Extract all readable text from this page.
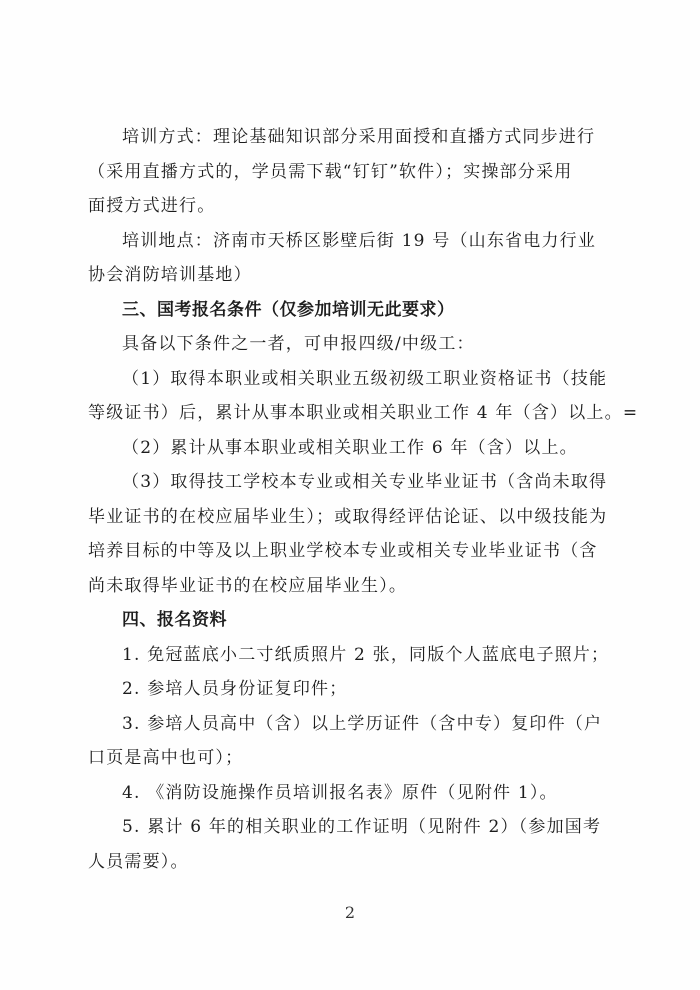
培训方式：理论基础知识部分采用面授和直播方式同步进行
（采用直播方式的，学员需下载“钉钉”软件）；实操部分采用
面授方式进行。
培训地点：济南市天桥区影壁后街 19 号（山东省电力行业
协会消防培训基地）
三、国考报名条件（仅参加培训无此要求）
具备以下条件之一者，可申报四级/中级工：
（1）取得本职业或相关职业五级初级工职业资格证书（技能
等级证书）后，累计从事本职业或相关职业工作 4 年（含）以上。=
（2）累计从事本职业或相关职业工作 6 年（含）以上。
（3）取得技工学校本专业或相关专业毕业证书（含尚未取得
毕业证书的在校应届毕业生）；或取得经评估论证、以中级技能为
培养目标的中等及以上职业学校本专业或相关专业毕业证书（含
尚未取得毕业证书的在校应届毕业生）。
四、报名资料
1. 免冠蓝底小二寸纸质照片 2 张，同版个人蓝底电子照片；
2. 参培人员身份证复印件；
3. 参培人员高中（含）以上学历证件（含中专）复印件（户
口页是高中也可）；
4. 《消防设施操作员培训报名表》原件（见附件 1）。
5. 累计 6 年的相关职业的工作证明（见附件 2）（参加国考
人员需要）。
2
